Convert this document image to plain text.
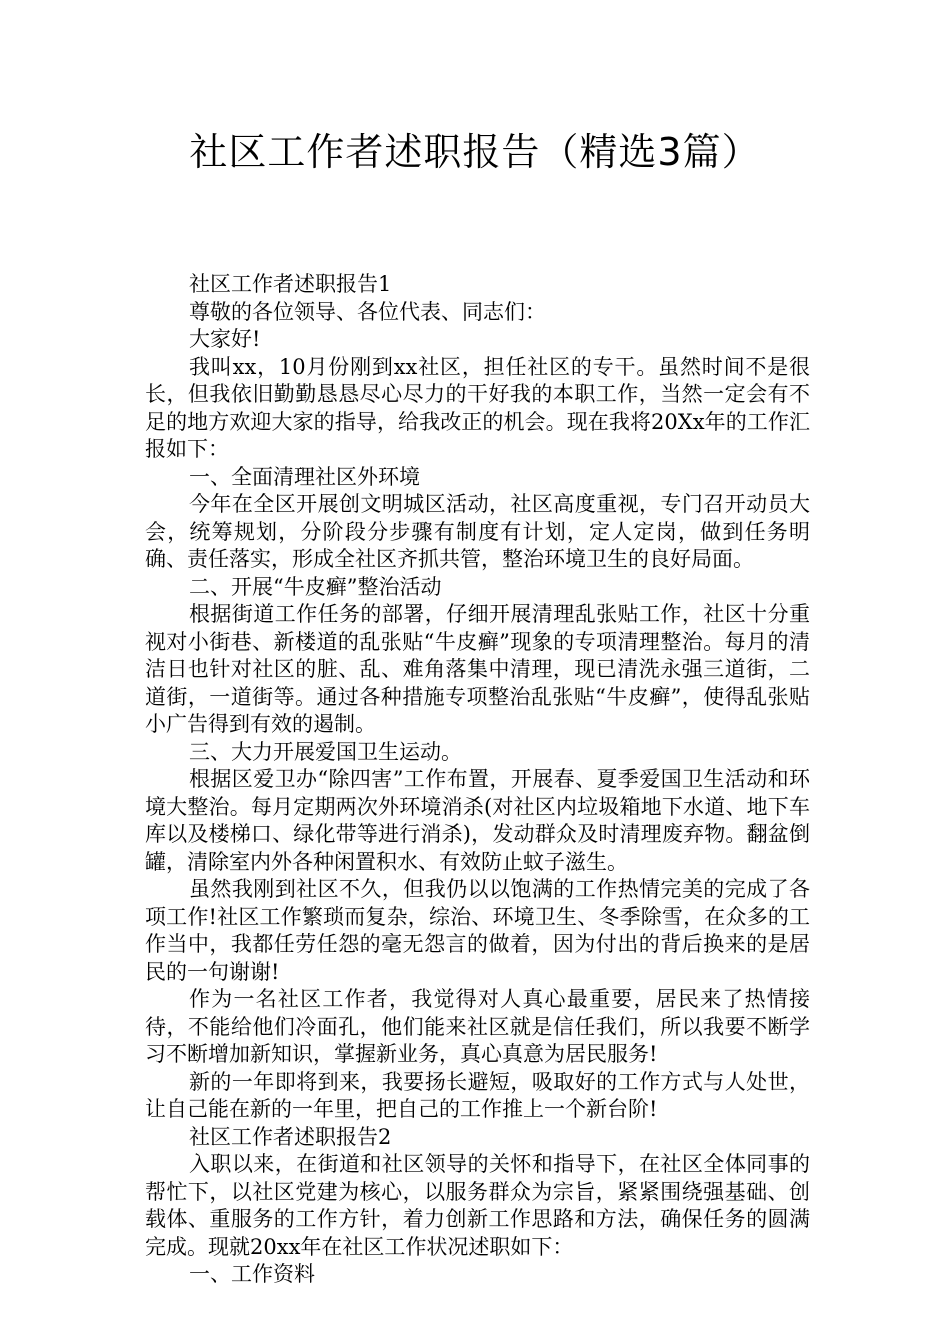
社区工作者述职报告（精选3篇）

社区工作者述职报告1

尊敬的各位领导、各位代表、同志们：

大家好!

我叫xx，10月份刚到xx社区，担任社区的专干。虽然时间不是很长，但我依旧勤勤恳恳尽心尽力的干好我的本职工作，当然一定会有不足的地方欢迎大家的指导，给我改正的机会。现在我将20Xx年的工作汇报如下：

一、全面清理社区外环境

今年在全区开展创文明城区活动，社区高度重视，专门召开动员大会，统筹规划，分阶段分步骤有制度有计划，定人定岗，做到任务明确、责任落实，形成全社区齐抓共管，整治环境卫生的良好局面。

二、开展“牛皮癣”整治活动

根据街道工作任务的部署，仔细开展清理乱张贴工作，社区十分重视对小街巷、新楼道的乱张贴“牛皮癣”现象的专项清理整治。每月的清洁日也针对社区的脏、乱、难角落集中清理，现已清洗永强三道街，二道街，一道街等。通过各种措施专项整治乱张贴“牛皮癣”，使得乱张贴小广告得到有效的遏制。

三、大力开展爱国卫生运动。

根据区爱卫办“除四害”工作布置，开展春、夏季爱国卫生活动和环境大整治。每月定期两次外环境消杀(对社区内垃圾箱地下水道、地下车库以及楼梯口、绿化带等进行消杀)，发动群众及时清理废弃物。翻盆倒罐，清除室内外各种闲置积水、有效防止蚊子滋生。

虽然我刚到社区不久，但我仍以以饱满的工作热情完美的完成了各项工作!社区工作繁琐而复杂，综治、环境卫生、冬季除雪，在众多的工作当中，我都任劳任怨的毫无怨言的做着，因为付出的背后换来的是居民的一句谢谢!

作为一名社区工作者，我觉得对人真心最重要，居民来了热情接待，不能给他们冷面孔，他们能来社区就是信任我们，所以我要不断学习不断增加新知识，掌握新业务，真心真意为居民服务!

新的一年即将到来，我要扬长避短，吸取好的工作方式与人处世，让自己能在新的一年里，把自己的工作推上一个新台阶!

社区工作者述职报告2

入职以来，在街道和社区领导的关怀和指导下，在社区全体同事的帮忙下，以社区党建为核心，以服务群众为宗旨，紧紧围绕强基础、创载体、重服务的工作方针，着力创新工作思路和方法，确保任务的圆满完成。现就20xx年在社区工作状况述职如下：

一、工作资料
